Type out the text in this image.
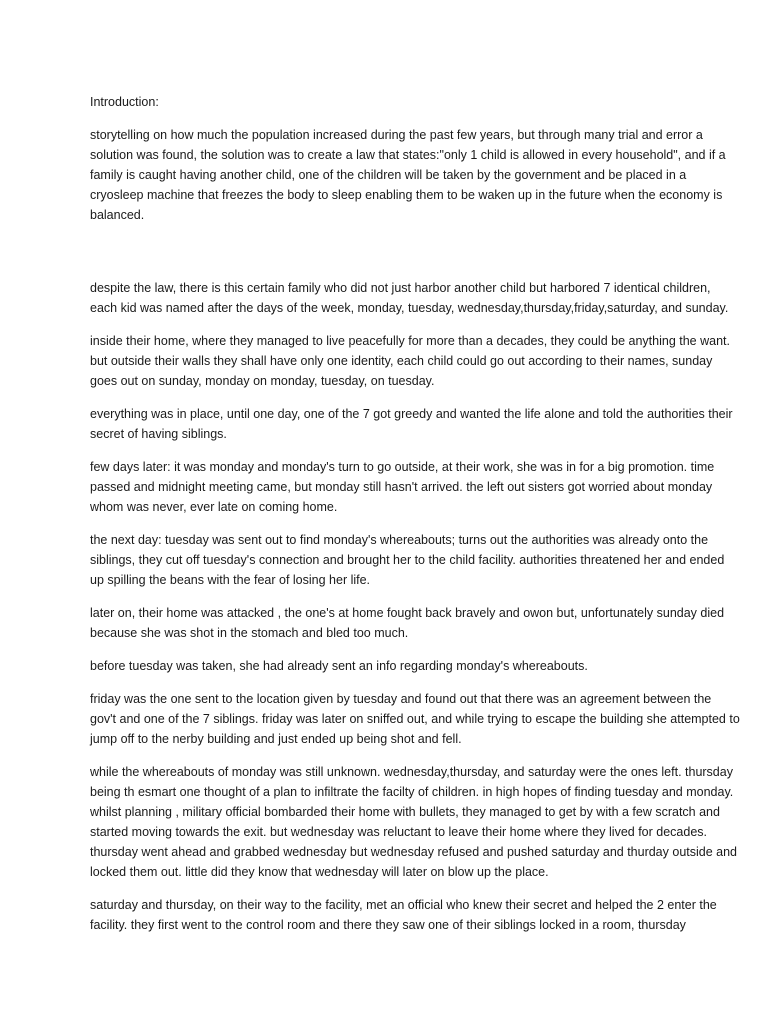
Introduction:

storytelling on how much the population increased during the past few years, but through many trial and error a solution was found, the solution was to create a law that states:"only 1 child is allowed in every household", and if a family is caught having another child, one of the children will be taken by the government and be placed in a cryosleep machine that freezes the body to sleep enabling them to be waken up in the future when the economy is balanced.

despite the law, there is this certain family who did not just harbor another child but harbored 7 identical children, each kid was named after the days of the week, monday, tuesday, wednesday,thursday,friday,saturday, and sunday.

inside their home, where they managed to live peacefully for more than a decades, they could be anything the want. but outside their walls they shall have only one identity, each child could go out according to their names, sunday goes out on sunday, monday on monday, tuesday, on tuesday.

everything was in place, until one day, one of the 7 got greedy and wanted the life alone and told the authorities their secret of having siblings.

few days later: it was monday and monday's turn to go outside, at their work, she was in for a big promotion. time passed and midnight meeting came, but monday still hasn't arrived. the left out sisters got worried about monday whom was never, ever late on coming home.

the next day: tuesday was sent out to find monday's whereabouts; turns out the authorities was already onto the siblings, they cut off tuesday's connection and brought her to the child facility. authorities threatened her and ended up spilling the beans with the fear of losing her life.

later on, their home was attacked , the one's at home fought back bravely and owon but, unfortunately sunday died because she was shot in the stomach and bled too much.

before tuesday was taken, she had already sent an info regarding monday's whereabouts.

friday was the one sent to the location given by tuesday and found out that there was an agreement between the gov't and one of the 7 siblings. friday was later on sniffed out, and while trying to escape the building she attempted to jump off to the nerby building and just ended up being shot and fell.

while the whereabouts of monday was still unknown. wednesday,thursday, and saturday were the ones left. thursday being th esmart one thought of a plan to infiltrate the facilty of children. in high hopes of finding tuesday and monday. whilst planning , military official bombarded their home with bullets, they managed to get by with a few scratch and started moving towards the exit. but wednesday was reluctant to leave their home where they lived for decades. thursday went ahead and grabbed wednesday but wednesday refused and pushed saturday and thurday outside and locked them out. little did they know that wednesday will later on blow up the place.

saturday and thursday, on their way to the facility, met an official who knew their secret and helped the 2 enter the facility. they first went to the control room and there they saw one of their siblings locked in a room, thursday
